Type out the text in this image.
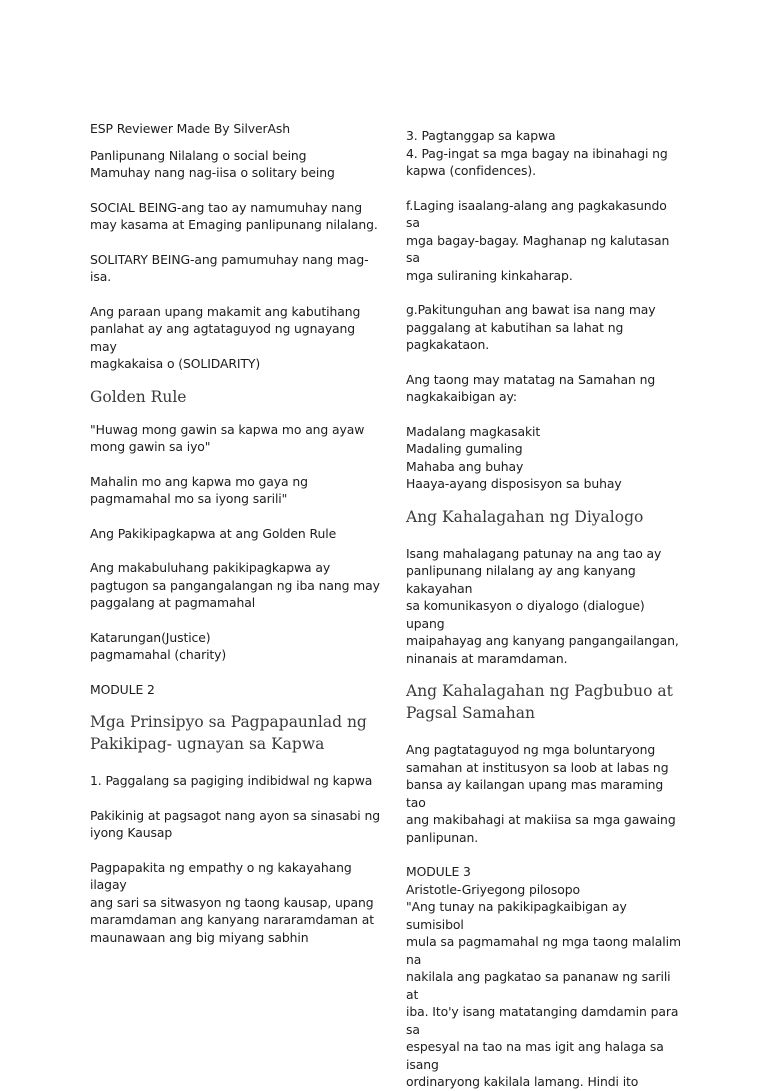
ESP Reviewer Made By SilverAsh

Panlipunang Nilalang o social being
Mamuhay nang nag-iisa o solitary being

SOCIAL BEING-ang tao ay namumuhay nang
may kasama at Emaging panlipunang nilalang.

SOLITARY BEING-ang pamumuhay nang mag-isa.

Ang paraan upang makamit ang kabutihang
panlahat ay ang agtataguyod ng ugnayang may
magkakaisa o (SOLIDARITY)

Golden Rule

"Huwag mong gawin sa kapwa mo ang ayaw
mong gawin sa iyo"

Mahalin mo ang kapwa mo gaya ng
pagmamahal mo sa iyong sarili"

Ang Pakikipagkapwa at ang Golden Rule

Ang makabuluhang pakikipagkapwa ay
pagtugon sa pangangalangan ng iba nang may
paggalang at pagmamahal

Katarungan(Justice)
pagmamahal (charity)

MODULE 2

Mga Prinsipyo sa Pagpapaunlad ng Pakikipag- ugnayan sa Kapwa

1. Paggalang sa pagiging indibidwal ng kapwa

Pakikinig at pagsagot nang ayon sa sinasabi ng
iyong Kausap

Pagpapakita ng empathy o ng kakayahang ilagay
ang sari sa sitwasyon ng taong kausap, upang
maramdaman ang kanyang nararamdaman at
maunawaan ang big miyang sabhin

3. Pagtanggap sa kapwa
4. Pag-ingat sa mga bagay na ibinahagi ng
kapwa (confidences).

f.Laging isaalang-alang ang pagkakasundo sa
mga bagay-bagay. Maghanap ng kalutasan sa
mga suliraning kinkaharap.

g.Pakitunguhan ang bawat isa nang may
paggalang at kabutihan sa lahat ng
pagkakataon.

Ang taong may matatag na Samahan ng
nagkakaibigan ay:

Madalang magkasakit
Madaling gumaling
Mahaba ang buhay
Haaya-ayang disposisyon sa buhay

Ang Kahalagahan ng Diyalogo

Isang mahalagang patunay na ang tao ay
panlipunang nilalang ay ang kanyang kakayahan
sa komunikasyon o diyalogo (dialogue) upang
maipahayag ang kanyang pangangailangan,
ninanais at maramdaman.

Ang Kahalagahan ng Pagbubuo at Pagsal Samahan

Ang pagtataguyod ng mga boluntaryong
samahan at institusyon sa loob at labas ng
bansa ay kailangan upang mas maraming tao
ang makibahagi at makiisa sa mga gawaing
panlipunan.

MODULE 3
Aristotle-Griyegong pilosopo
"Ang tunay na pakikipagkaibigan ay sumisibol
mula sa pagmamahal ng mga taong malalim na
nakilala ang pagkatao sa pananaw ng sarili at
iba. Ito'y isang matatanging damdamin para sa
espesyal na tao na mas igit ang halaga sa isang
ordinaryong kakilala lamang. Hindi ito
